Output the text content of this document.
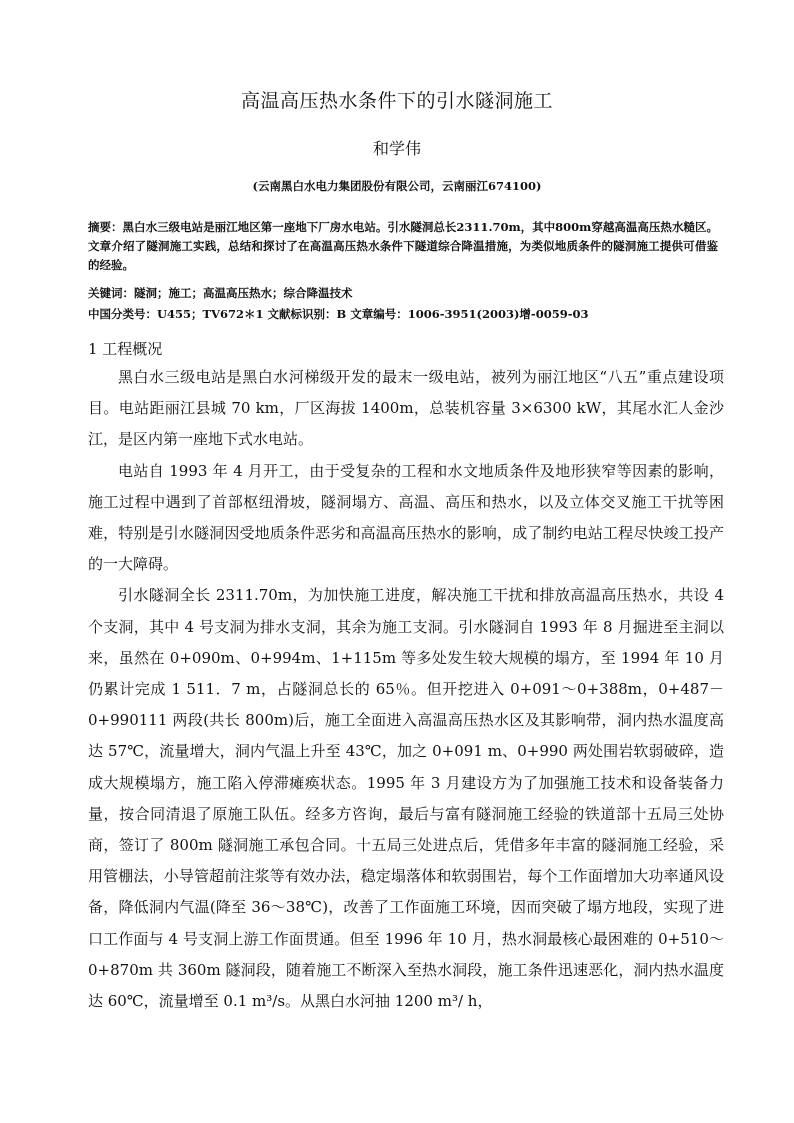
高温高压热水条件下的引水隧洞施工
和学伟
(云南黑白水电力集团股份有限公司，云南丽江674100)
摘要：黑白水三级电站是丽江地区第一座地下厂房水电站。引水隧洞总长2311.70m，其中800m穿越高温高压热水糙区。文章介绍了隧洞施工实践，总结和探讨了在高温高压热水条件下隧道综合降温措施，为类似地质条件的隧洞施工提供可借鉴的经验。
关键词：隧洞；施工；高温高压热水；综合降温技术
中国分类号：U455；TV672＊1 文献标识别：B 文章编号：1006-3951(2003)增-0059-03
1 工程概况

黑白水三级电站是黑白水河梯级开发的最末一级电站，被列为丽江地区“八五”重点建设项目。电站距丽江县城 70 km，厂区海拔 1400m，总装机容量 3×6300 kW，其尾水汇人金沙江，是区内第一座地下式水电站。

电站自 1993 年 4 月开工，由于受复杂的工程和水文地质条件及地形狭窄等因素的影响，施工过程中遇到了首部枢纽滑坡，隧洞塌方、高温、高压和热水，以及立体交叉施工干扰等困难，特别是引水隧洞因受地质条件恶劣和高温高压热水的影响，成了制约电站工程尽快竣工投产的一大障碍。

引水隧洞全长 2311.70m，为加快施工进度，解决施工干扰和排放高温高压热水，共设 4 个支洞，其中 4 号支洞为排水支洞，其余为施工支洞。引水隧洞自 1993 年 8 月掘进至主洞以来，虽然在 0+090m、0+994m、1+115m 等多处发生较大规模的塌方，至 1994 年 10 月仍累计完成 1 511．7 m，占隧洞总长的 65％。但开挖进入 0+091～0+388m，0+487－0+990111 两段(共长 800m)后，施工全面进入高温高压热水区及其影响带，洞内热水温度高达 57℃，流量增大，洞内气温上升至 43℃，加之 0+091 m、0+990 两处围岩软弱破碎，造成大规模塌方，施工陷入停滞瘫痪状态。1995 年 3 月建设方为了加强施工技术和设备装备力量，按合同清退了原施工队伍。经多方咨询，最后与富有隧洞施工经验的铁道部十五局三处协商，签订了 800m 隧洞施工承包合同。十五局三处进点后，凭借多年丰富的隧洞施工经验，采用管棚法，小导管超前注浆等有效办法，稳定塌落体和软弱围岩，每个工作面增加大功率通风设备，降低洞内气温(降至 36～38℃)，改善了工作面施工环境，因而突破了塌方地段，实现了进口工作面与 4 号支洞上游工作面贯通。但至 1996 年 10 月，热水洞最核心最困难的 0+510～0+870m 共 360m 隧洞段，随着施工不断深入至热水洞段，施工条件迅速恶化，洞内热水温度达 60℃，流量增至 0.1 m³/s。从黑白水河抽 1200 m³/ h，
